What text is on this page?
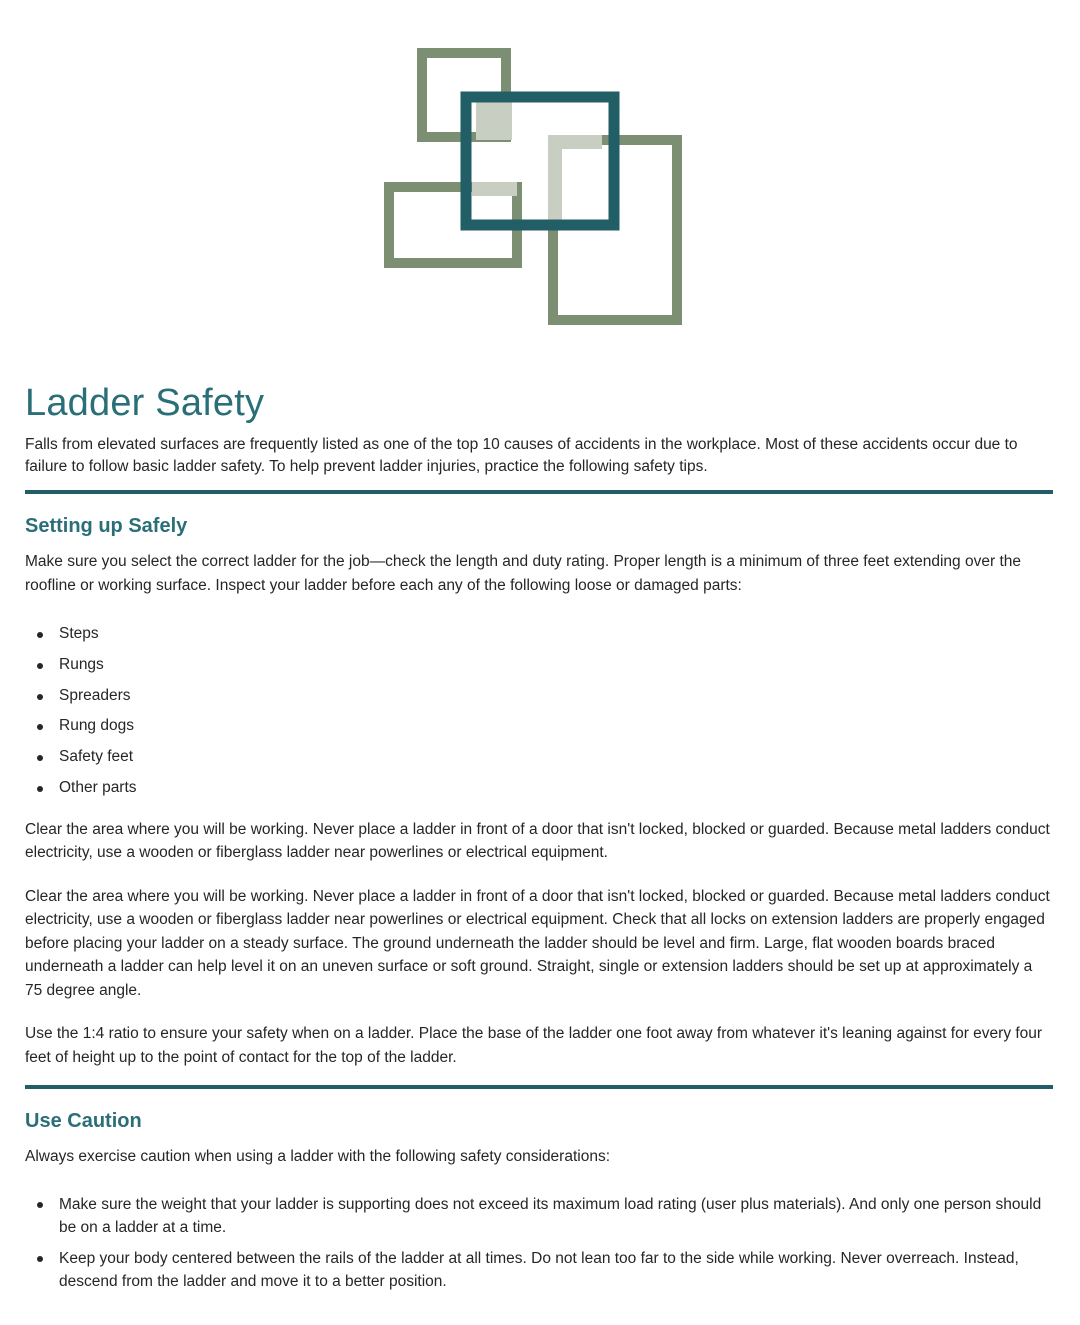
Ladder Safety

Falls from elevated surfaces are frequently listed as one of the top 10 causes of accidents in the workplace. Most of these accidents occur due to failure to follow basic ladder safety. To help prevent ladder injuries, practice the following safety tips.

Setting up Safely

Make sure you select the correct ladder for the job—check the length and duty rating. Proper length is a minimum of three feet extending over the roofline or working surface. Inspect your ladder before each any of the following loose or damaged parts:

Steps
Rungs
Spreaders
Rung dogs
Safety feet
Other parts

Clear the area where you will be working. Never place a ladder in front of a door that isn't locked, blocked or guarded. Because metal ladders conduct electricity, use a wooden or fiberglass ladder near powerlines or electrical equipment.

Clear the area where you will be working. Never place a ladder in front of a door that isn't locked, blocked or guarded. Because metal ladders conduct electricity, use a wooden or fiberglass ladder near powerlines or electrical equipment. Check that all locks on extension ladders are properly engaged before placing your ladder on a steady surface. The ground underneath the ladder should be level and firm. Large, flat wooden boards braced underneath a ladder can help level it on an uneven surface or soft ground. Straight, single or extension ladders should be set up at approximately a 75 degree angle.

Use the 1:4 ratio to ensure your safety when on a ladder. Place the base of the ladder one foot away from whatever it's leaning against for every four feet of height up to the point of contact for the top of the ladder.

Use Caution

Always exercise caution when using a ladder with the following safety considerations:

Make sure the weight that your ladder is supporting does not exceed its maximum load rating (user plus materials). And only one person should be on a ladder at a time.
Keep your body centered between the rails of the ladder at all times. Do not lean too far to the side while working. Never overreach. Instead, descend from the ladder and move it to a better position.
